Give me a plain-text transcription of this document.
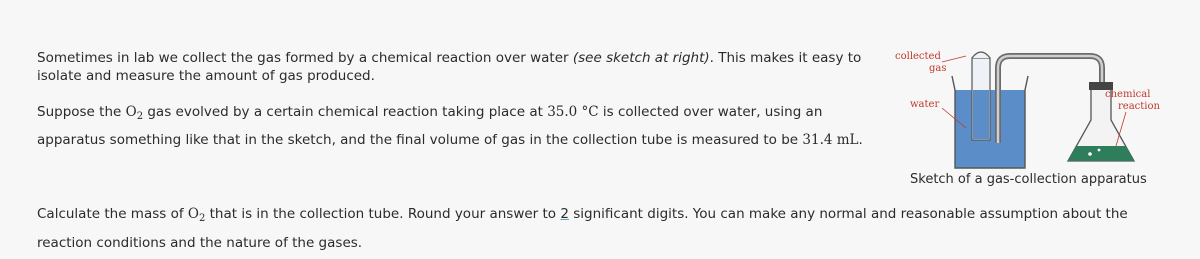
Sometimes in lab we collect the gas formed by a chemical reaction over water (see sketch at right). This makes it easy to isolate and measure the amount of gas produced.
Suppose the $O_2$ gas evolved by a certain chemical reaction taking place at 35.0 °C is collected over water, using an apparatus something like that in the sketch, and the final volume of gas in the collection tube is measured to be 31.4 mL.
collected
gas
water
chemical
reaction
Sketch of a gas-collection apparatus
Calculate the mass of $O_2$ that is in the collection tube. Round your answer to 2 significant digits. You can make any normal and reasonable assumption about the reaction conditions and the nature of the gases.
